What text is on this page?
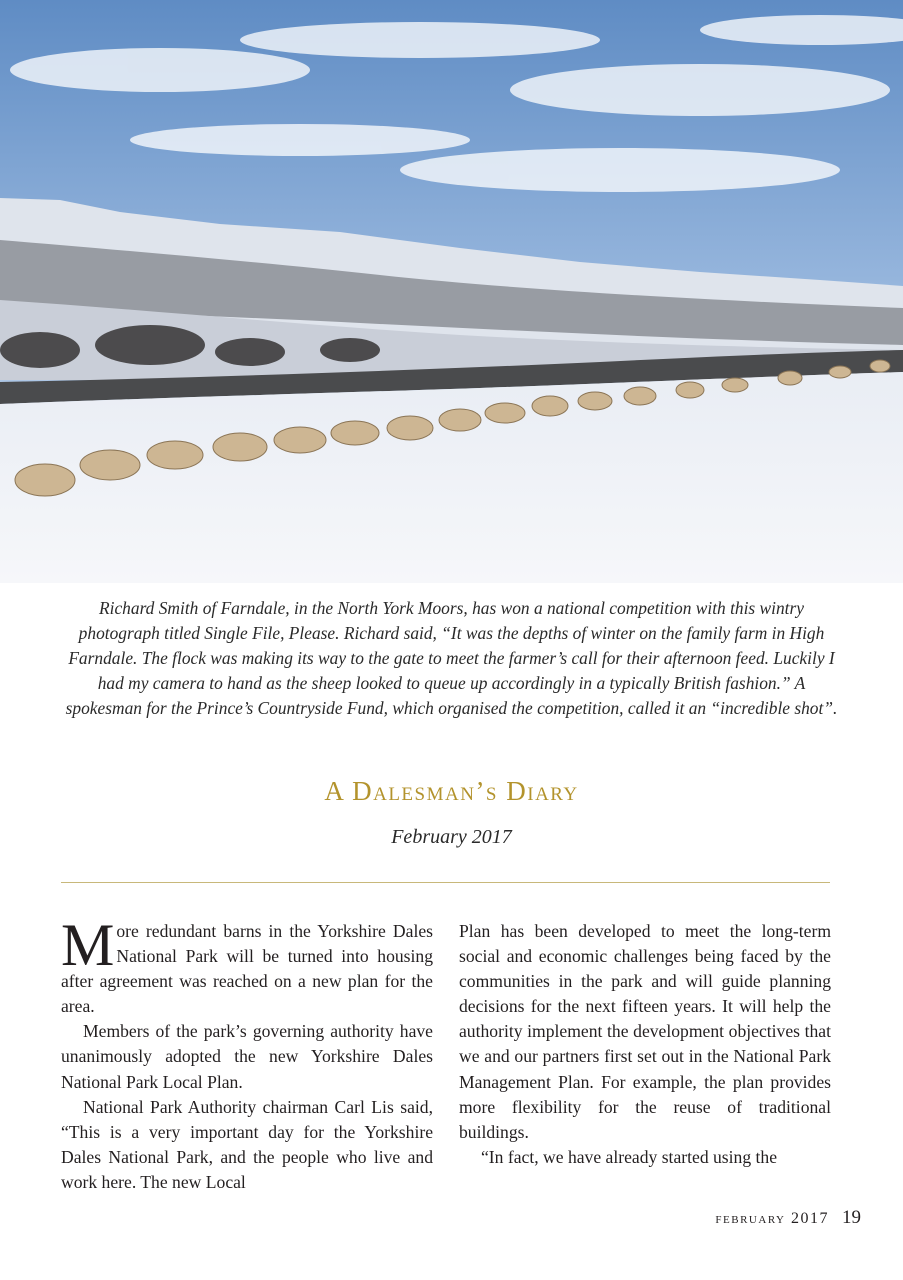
Richard Smith of Farndale, in the North York Moors, has won a national competition with this wintry photograph titled Single File, Please. Richard said, “It was the depths of winter on the family farm in High Farndale. The flock was making its way to the gate to meet the farmer’s call for their afternoon feed. Luckily I had my camera to hand as the sheep looked to queue up accordingly in a typically British fashion.” A spokesman for the Prince’s Countryside Fund, which organised the competition, called it an “incredible shot”.

A Dalesman’s Diary

February 2017

More redundant barns in the Yorkshire Dales National Park will be turned into housing after agreement was reached on a new plan for the area.

Members of the park’s governing authority have unanimously adopted the new Yorkshire Dales National Park Local Plan.

National Park Authority chairman Carl Lis said, “This is a very important day for the Yorkshire Dales National Park, and the people who live and work here. The new Local

Plan has been developed to meet the long-term social and economic challenges being faced by the communities in the park and will guide planning decisions for the next fifteen years. It will help the authority implement the development objectives that we and our partners first set out in the National Park Management Plan. For example, the plan provides more flexibility for the reuse of traditional buildings.

“In fact, we have already started using the

february 2017 19
